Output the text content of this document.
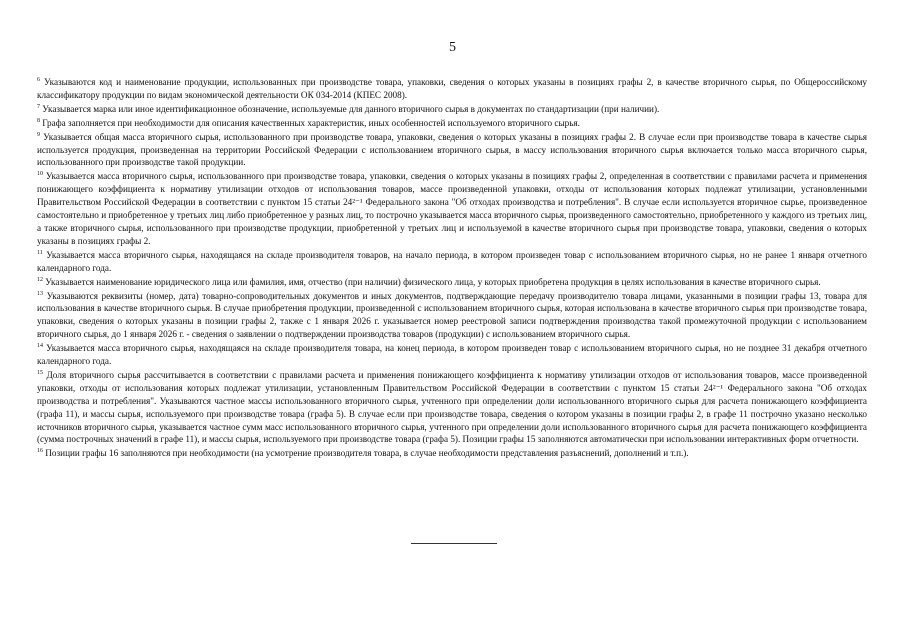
5

$^6$ Указываются код и наименование продукции, использованных при производстве товара, упаковки, сведения о которых указаны в позициях графы 2, в качестве вторичного сырья, по Общероссийскому классификатору продукции по видам экономической деятельности ОК 034-2014 (КПЕС 2008).

$^7$ Указывается марка или иное идентификационное обозначение, используемые для данного вторичного сырья в документах по стандартизации (при наличии).

$^8$ Графа заполняется при необходимости для описания качественных характеристик, иных особенностей используемого вторичного сырья.

$^9$ Указывается общая масса вторичного сырья, использованного при производстве товара, упаковки, сведения о которых указаны в позициях графы 2. В случае если при производстве товара в качестве сырья используется продукция, произведенная на территории Российской Федерации с использованием вторичного сырья, в массу использования вторичного сырья включается только масса вторичного сырья, использованного при производстве такой продукции.

$^{10}$ Указывается масса вторичного сырья, использованного при производстве товара, упаковки, сведения о которых указаны в позициях графы 2, определенная в соответствии с правилами расчета и применения понижающего коэффициента к нормативу утилизации отходов от использования товаров, массе произведенной упаковки, отходы от использования которых подлежат утилизации, установленными Правительством Российской Федерации в соответствии с пунктом 15 статьи 24²⁻¹ Федерального закона "Об отходах производства и потребления". В случае если используется вторичное сырье, произведенное самостоятельно и приобретенное у третьих лиц либо приобретенное у разных лиц, то построчно указывается масса вторичного сырья, произведенного самостоятельно, приобретенного у каждого из третьих лиц, а также вторичного сырья, использованного при производстве продукции, приобретенной у третьих лиц и используемой в качестве вторичного сырья при производстве товара, упаковки, сведения о которых указаны в позициях графы 2.

$^{11}$ Указывается масса вторичного сырья, находящаяся на складе производителя товаров, на начало периода, в котором произведен товар с использованием вторичного сырья, но не ранее 1 января отчетного календарного года.

$^{12}$ Указывается наименование юридического лица или фамилия, имя, отчество (при наличии) физического лица, у которых приобретена продукция в целях использования в качестве вторичного сырья.

$^{13}$ Указываются реквизиты (номер, дата) товарно-сопроводительных документов и иных документов, подтверждающие передачу производителю товара лицами, указанными в позиции графы 13, товара для использования в качестве вторичного сырья. В случае приобретения продукции, произведенной с использованием вторичного сырья, которая использована в качестве вторичного сырья при производстве товара, упаковки, сведения о которых указаны в позиции графы 2, также с 1 января 2026 г. указывается номер реестровой записи подтверждения производства такой промежуточной продукции с использованием вторичного сырья, до 1 января 2026 г. - сведения о заявлении о подтверждении производства товаров (продукции) с использованием вторичного сырья.

$^{14}$ Указывается масса вторичного сырья, находящаяся на складе производителя товара, на конец периода, в котором произведен товар с использованием вторичного сырья, но не позднее 31 декабря отчетного календарного года.

$^{15}$ Доля вторичного сырья рассчитывается в соответствии с правилами расчета и применения понижающего коэффициента к нормативу утилизации отходов от использования товаров, массе произведенной упаковки, отходы от использования которых подлежат утилизации, установленным Правительством Российской Федерации в соответствии с пунктом 15 статьи 24²⁻¹ Федерального закона "Об отходах производства и потребления". Указываются частное массы использованного вторичного сырья, учтенного при определении доли использованного вторичного сырья для расчета понижающего коэффициента (графа 11), и массы сырья, используемого при производстве товара (графа 5). В случае если при производстве товара, сведения о котором указаны в позиции графы 2, в графе 11 построчно указано несколько источников вторичного сырья, указывается частное сумм масс использованного вторичного сырья, учтенного при определении доли использованного вторичного сырья для расчета понижающего коэффициента (сумма построчных значений в графе 11), и массы сырья, используемого при производстве товара (графа 5). Позиции графы 15 заполняются автоматически при использовании интерактивных форм отчетности.

$^{16}$ Позиции графы 16 заполняются при необходимости (на усмотрение производителя товара, в случае необходимости представления разъяснений, дополнений и т.п.).
